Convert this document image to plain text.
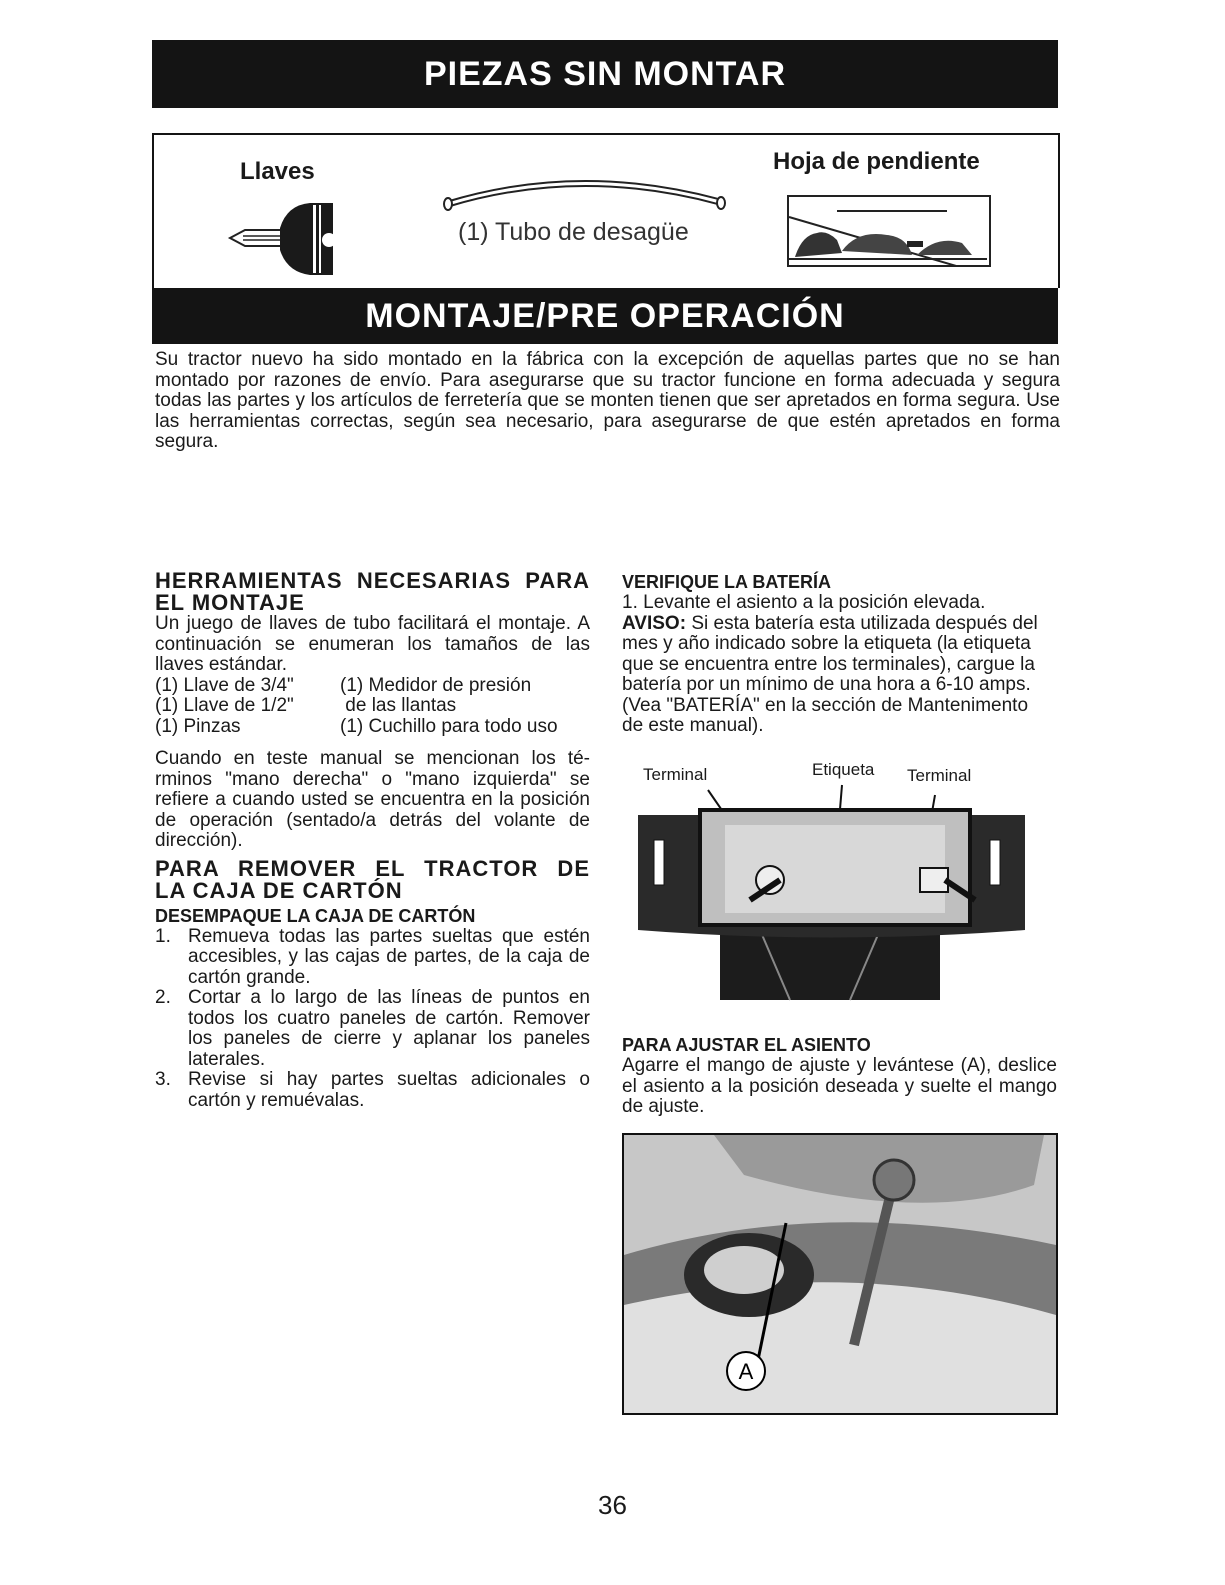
PIEZAS SIN MONTAR
Llaves
(1) Tubo de desagüe
Hoja de pendiente
MONTAJE/PRE OPERACIÓN
Su tractor nuevo ha sido montado en la fábrica con la excepción de aquellas partes que no se han montado por razones de envío. Para asegurarse que su tractor funcione en forma adecuada y segura todas las partes y los artículos de ferretería que se monten tienen que ser apretados en forma segura. Use las herramientas correctas, según sea necesario, para asegurarse de que estén apretados en forma segura.
HERRAMIENTAS NECESARIAS PARA
EL MONTAJE
Un juego de llaves de tubo facilitará el montaje. A continuación se enumeran los tamaños de las llaves estándar.
(1) Llave de 3/4"	(1) Medidor de presión
(1) Llave de 1/2"	de las llantas
(1) Pinzas	(1) Cuchillo para todo uso
Cuando en teste manual se mencionan los té- rminos "mano derecha" o "mano izquierda" se refiere a cuando usted se encuentra en la posición de operación (sentado/a detrás del volante de dirección).
PARA REMOVER EL TRACTOR DE
LA CAJA DE CARTÓN
DESEMPAQUE LA CAJA DE CARTÓN
1. Remueva todas las partes sueltas que estén accesibles, y las cajas de partes, de la caja de cartón grande.
2. Cortar a lo largo de las líneas de puntos en todos los cuatro paneles de cartón. Remover los paneles de cierre y aplanar los paneles laterales.
3. Revise si hay partes sueltas adicionales o cartón y remuévalas.
VERIFIQUE LA BATERÍA
1. Levante el asiento a la posición elevada.
AVISO: Si esta batería esta utilizada después del mes y año indicado sobre la etiqueta (la etiqueta que se encuentra entre los terminales), cargue la batería por un mínimo de una hora a 6-10 amps. (Vea "BATERÍA" en la sección de Mantenimento de este manual).
Terminal	Etiqueta Terminal
PARA AJUSTAR EL ASIENTO
Agarre el mango de ajuste y levántese (A), deslice el asiento a la posición deseada y suelte el mango de ajuste.
A
36
